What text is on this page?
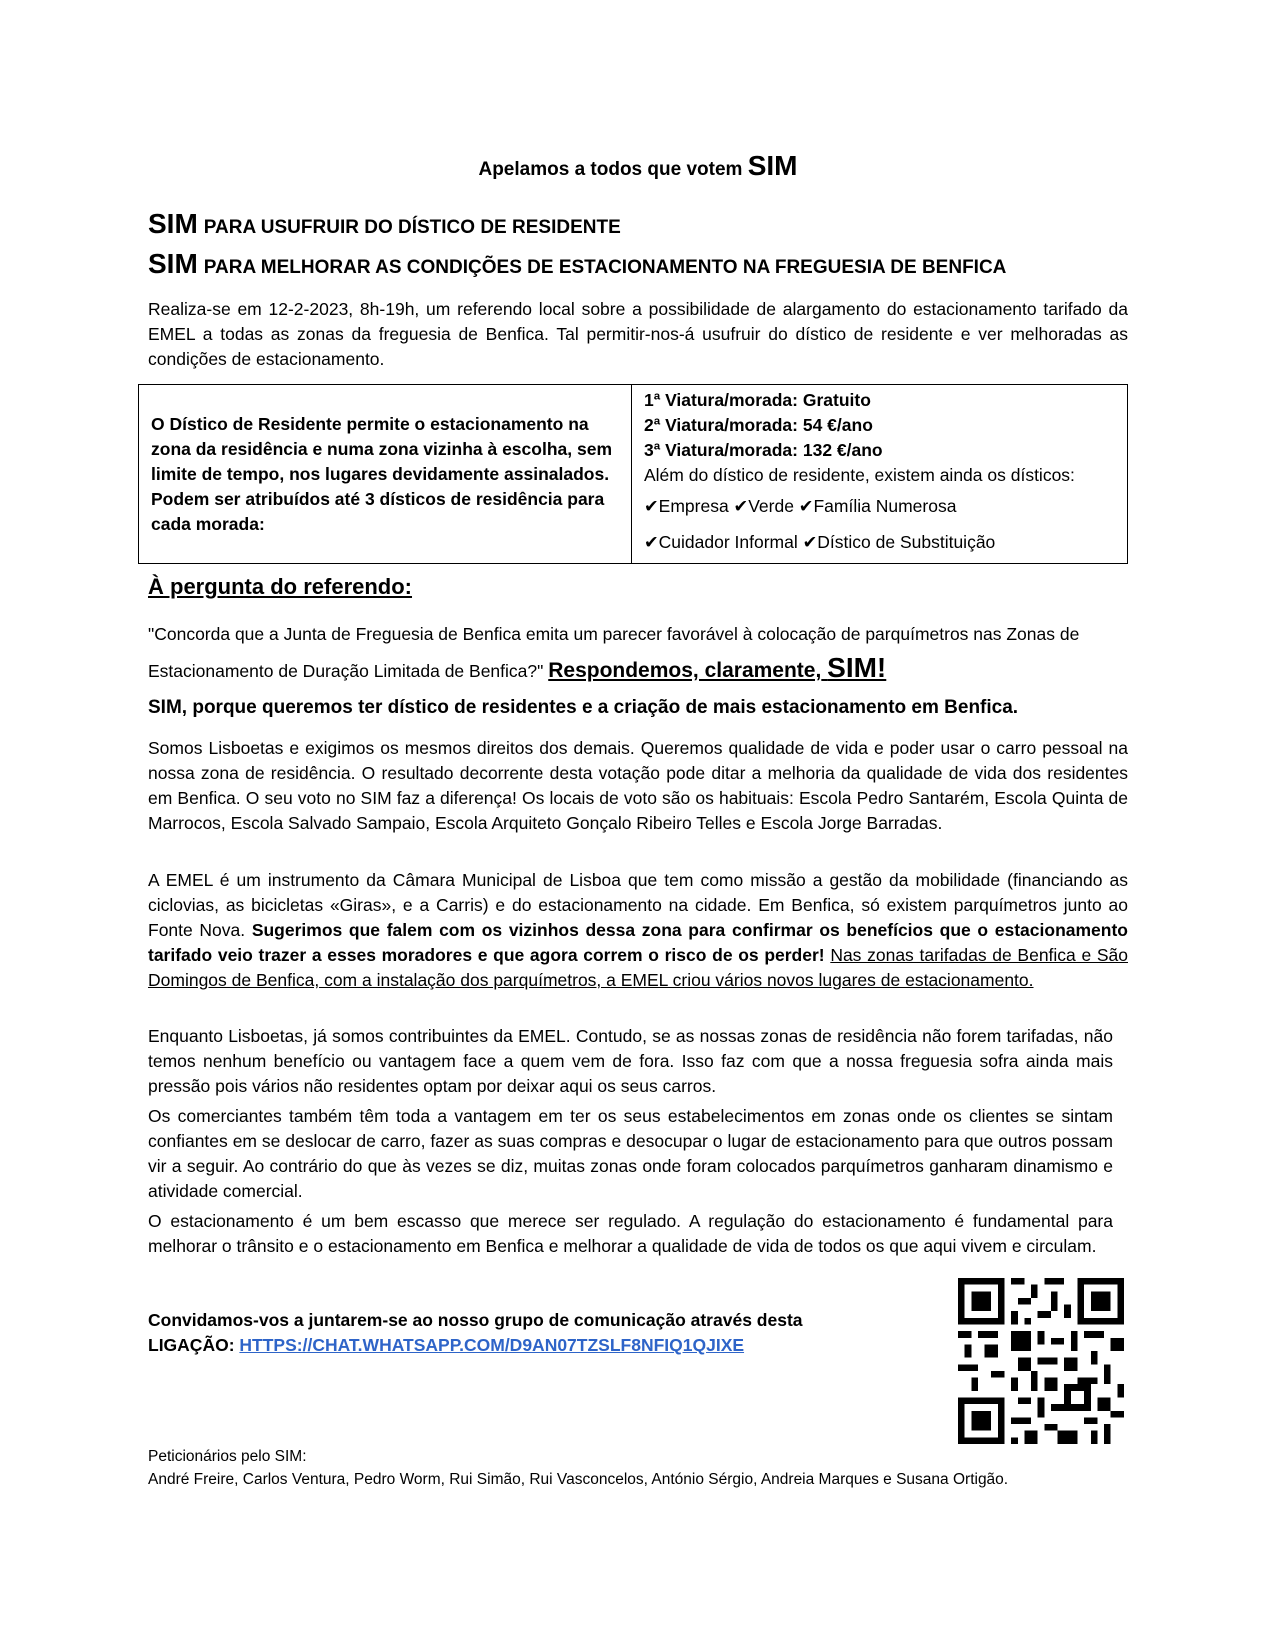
Apelamos a todos que votem SIM
SIM PARA USUFRUIR DO DÍSTICO DE RESIDENTE
SIM PARA MELHORAR AS CONDIÇÕES DE ESTACIONAMENTO NA FREGUESIA DE BENFICA

Realiza-se em 12-2-2023, 8h-19h, um referendo local sobre a possibilidade de alargamento do estacionamento tarifado da EMEL a todas as zonas da freguesia de Benfica. Tal permitir-nos-á usufruir do dístico de residente e ver melhoradas as condições de estacionamento.

O Dístico de Residente permite o estacionamento na zona da residência e numa zona vizinha à escolha, sem limite de tempo, nos lugares devidamente assinalados. Podem ser atribuídos até 3 dísticos de residência para cada morada:	
1ª Viatura/morada: Gratuito
2ª Viatura/morada: 54 €/ano
3ª Viatura/morada: 132 €/ano
Além do dístico de residente, existem ainda os dísticos:
✔Empresa ✔Verde ✔Família Numerosa
✔Cuidador Informal ✔Dístico de Substituição
À pergunta do referendo:

"Concorda que a Junta de Freguesia de Benfica emita um parecer favorável à colocação de parquímetros nas Zonas de Estacionamento de Duração Limitada de Benfica?" Respondemos, claramente, SIM!

SIM, porque queremos ter dístico de residentes e a criação de mais estacionamento em Benfica.

Somos Lisboetas e exigimos os mesmos direitos dos demais. Queremos qualidade de vida e poder usar o carro pessoal na nossa zona de residência. O resultado decorrente desta votação pode ditar a melhoria da qualidade de vida dos residentes em Benfica. O seu voto no SIM faz a diferença! Os locais de voto são os habituais: Escola Pedro Santarém, Escola Quinta de Marrocos, Escola Salvado Sampaio, Escola Arquiteto Gonçalo Ribeiro Telles e Escola Jorge Barradas.

A EMEL é um instrumento da Câmara Municipal de Lisboa que tem como missão a gestão da mobilidade (financiando as ciclovias, as bicicletas «Giras», e a Carris) e do estacionamento na cidade. Em Benfica, só existem parquímetros junto ao Fonte Nova. Sugerimos que falem com os vizinhos dessa zona para confirmar os benefícios que o estacionamento tarifado veio trazer a esses moradores e que agora correm o risco de os perder! Nas zonas tarifadas de Benfica e São Domingos de Benfica, com a instalação dos parquímetros, a EMEL criou vários novos lugares de estacionamento.

Enquanto Lisboetas, já somos contribuintes da EMEL. Contudo, se as nossas zonas de residência não forem tarifadas, não temos nenhum benefício ou vantagem face a quem vem de fora. Isso faz com que a nossa freguesia sofra ainda mais pressão pois vários não residentes optam por deixar aqui os seus carros.

Os comerciantes também têm toda a vantagem em ter os seus estabelecimentos em zonas onde os clientes se sintam confiantes em se deslocar de carro, fazer as suas compras e desocupar o lugar de estacionamento para que outros possam vir a seguir. Ao contrário do que às vezes se diz, muitas zonas onde foram colocados parquímetros ganharam dinamismo e atividade comercial.

O estacionamento é um bem escasso que merece ser regulado. A regulação do estacionamento é fundamental para melhorar o trânsito e o estacionamento em Benfica e melhorar a qualidade de vida de todos os que aqui vivem e circulam.

Convidamos-vos a juntarem-se ao nosso grupo de comunicação através desta
LIGAÇÃO: HTTPS://CHAT.WHATSAPP.COM/D9AN07TZSLF8NFIQ1QJIXE
Peticionários pelo SIM:
André Freire, Carlos Ventura, Pedro Worm, Rui Simão, Rui Vasconcelos, António Sérgio, Andreia Marques e Susana Ortigão.
